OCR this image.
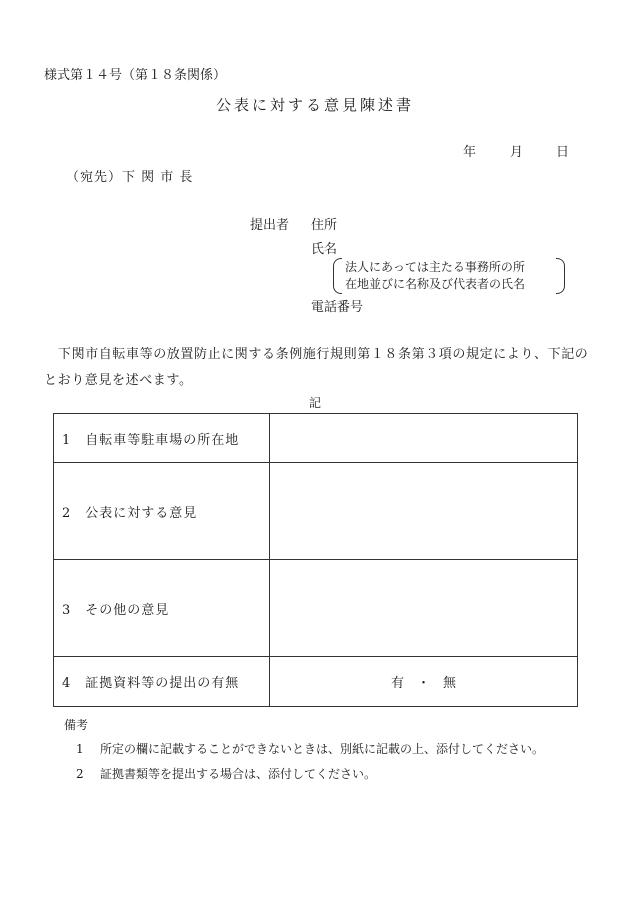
様式第１４号（第１８条関係）
公表に対する意見陳述書
年	月	日
（宛先）下 関 市 長
提出者 住所
氏名
法人にあっては主たる事務所の所
在地並びに名称及び代表者の氏名
電話番号
下関市自転車等の放置防止に関する条例施行規則第１８条第３項の規定により、下記のとおり意見を述べます。
記
1　自転車等駐車場の所在地	
2　公表に対する意見	
3　その他の意見	
4　証拠資料等の提出の有無	有　・　無
備考
1 所定の欄に記載することができないときは、別紙に記載の上、添付してください。
2 証拠書類等を提出する場合は、添付してください。
